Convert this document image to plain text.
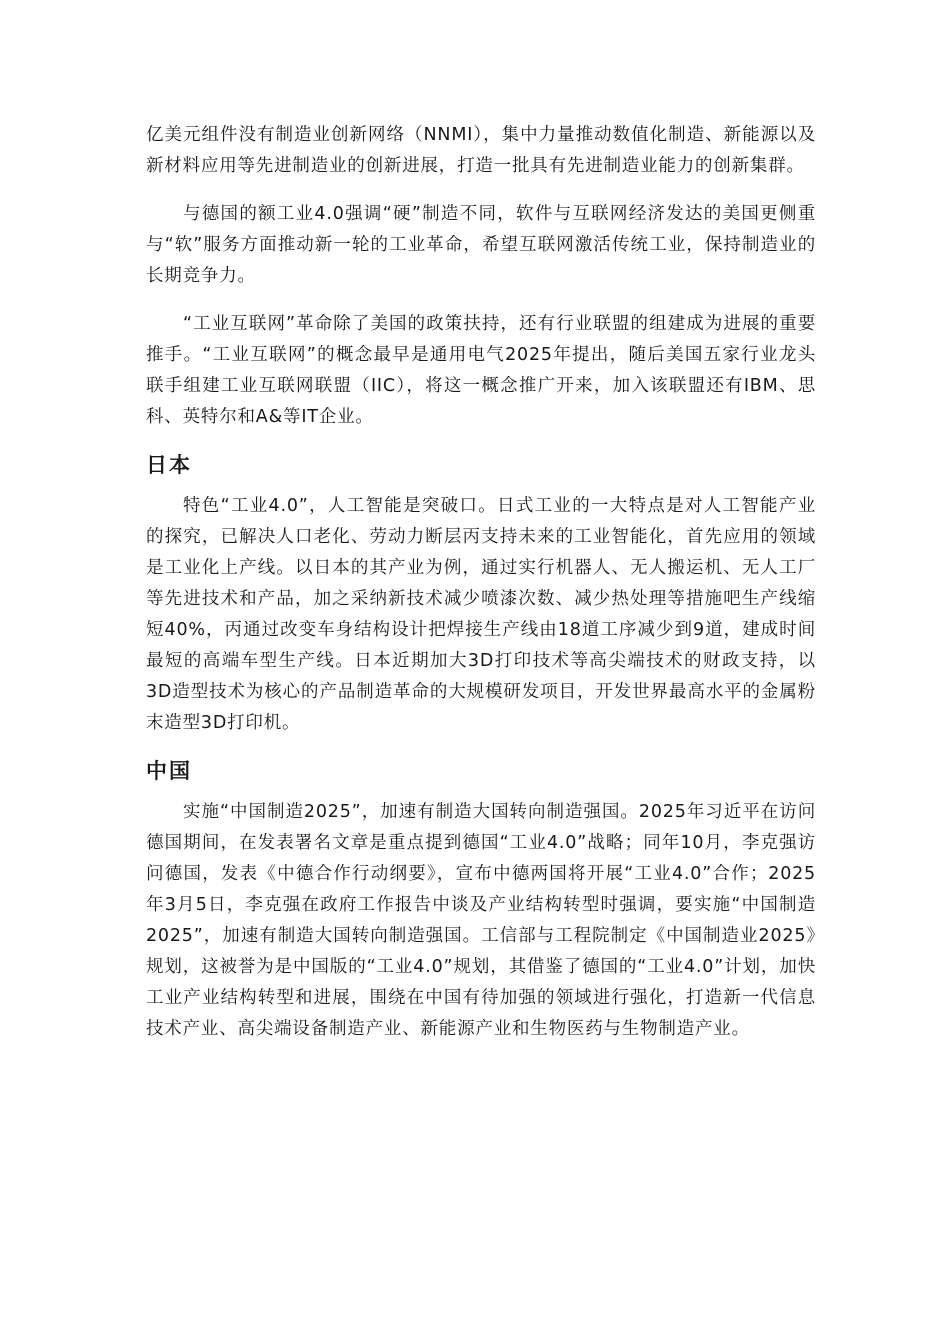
亿美元组件没有制造业创新网络（NNMI），集中力量推动数值化制造、新能源以及新材料应用等先进制造业的创新进展，打造一批具有先进制造业能力的创新集群。

与德国的额工业4.0强调“硬”制造不同，软件与互联网经济发达的美国更侧重与“软”服务方面推动新一轮的工业革命，希望互联网激活传统工业，保持制造业的长期竞争力。

“工业互联网”革命除了美国的政策扶持，还有行业联盟的组建成为进展的重要推手。“工业互联网”的概念最早是通用电气2025年提出，随后美国五家行业龙头联手组建工业互联网联盟（IIC），将这一概念推广开来，加入该联盟还有IBM、思科、英特尔和A&等IT企业。

日本

特色“工业4.0”，人工智能是突破口。日式工业的一大特点是对人工智能产业的探究，已解决人口老化、劳动力断层丙支持未来的工业智能化，首先应用的领域是工业化上产线。以日本的其产业为例，通过实行机器人、无人搬运机、无人工厂等先进技术和产品，加之采纳新技术减少喷漆次数、减少热处理等措施吧生产线缩短40%，丙通过改变车身结构设计把焊接生产线由18道工序减少到9道，建成时间最短的高端车型生产线。日本近期加大3D打印技术等高尖端技术的财政支持，以3D造型技术为核心的产品制造革命的大规模研发项目，开发世界最高水平的金属粉末造型3D打印机。

中国

实施“中国制造2025”，加速有制造大国转向制造强国。2025年习近平在访问德国期间，在发表署名文章是重点提到德国“工业4.0”战略；同年10月，李克强访问德国，发表《中德合作行动纲要》，宣布中德两国将开展“工业4.0”合作；2025年3月5日，李克强在政府工作报告中谈及产业结构转型时强调，要实施“中国制造2025”，加速有制造大国转向制造强国。工信部与工程院制定《中国制造业2025》规划，这被誉为是中国版的“工业4.0”规划，其借鉴了德国的“工业4.0”计划，加快工业产业结构转型和进展，围绕在中国有待加强的领域进行强化，打造新一代信息技术产业、高尖端设备制造产业、新能源产业和生物医药与生物制造产业。
